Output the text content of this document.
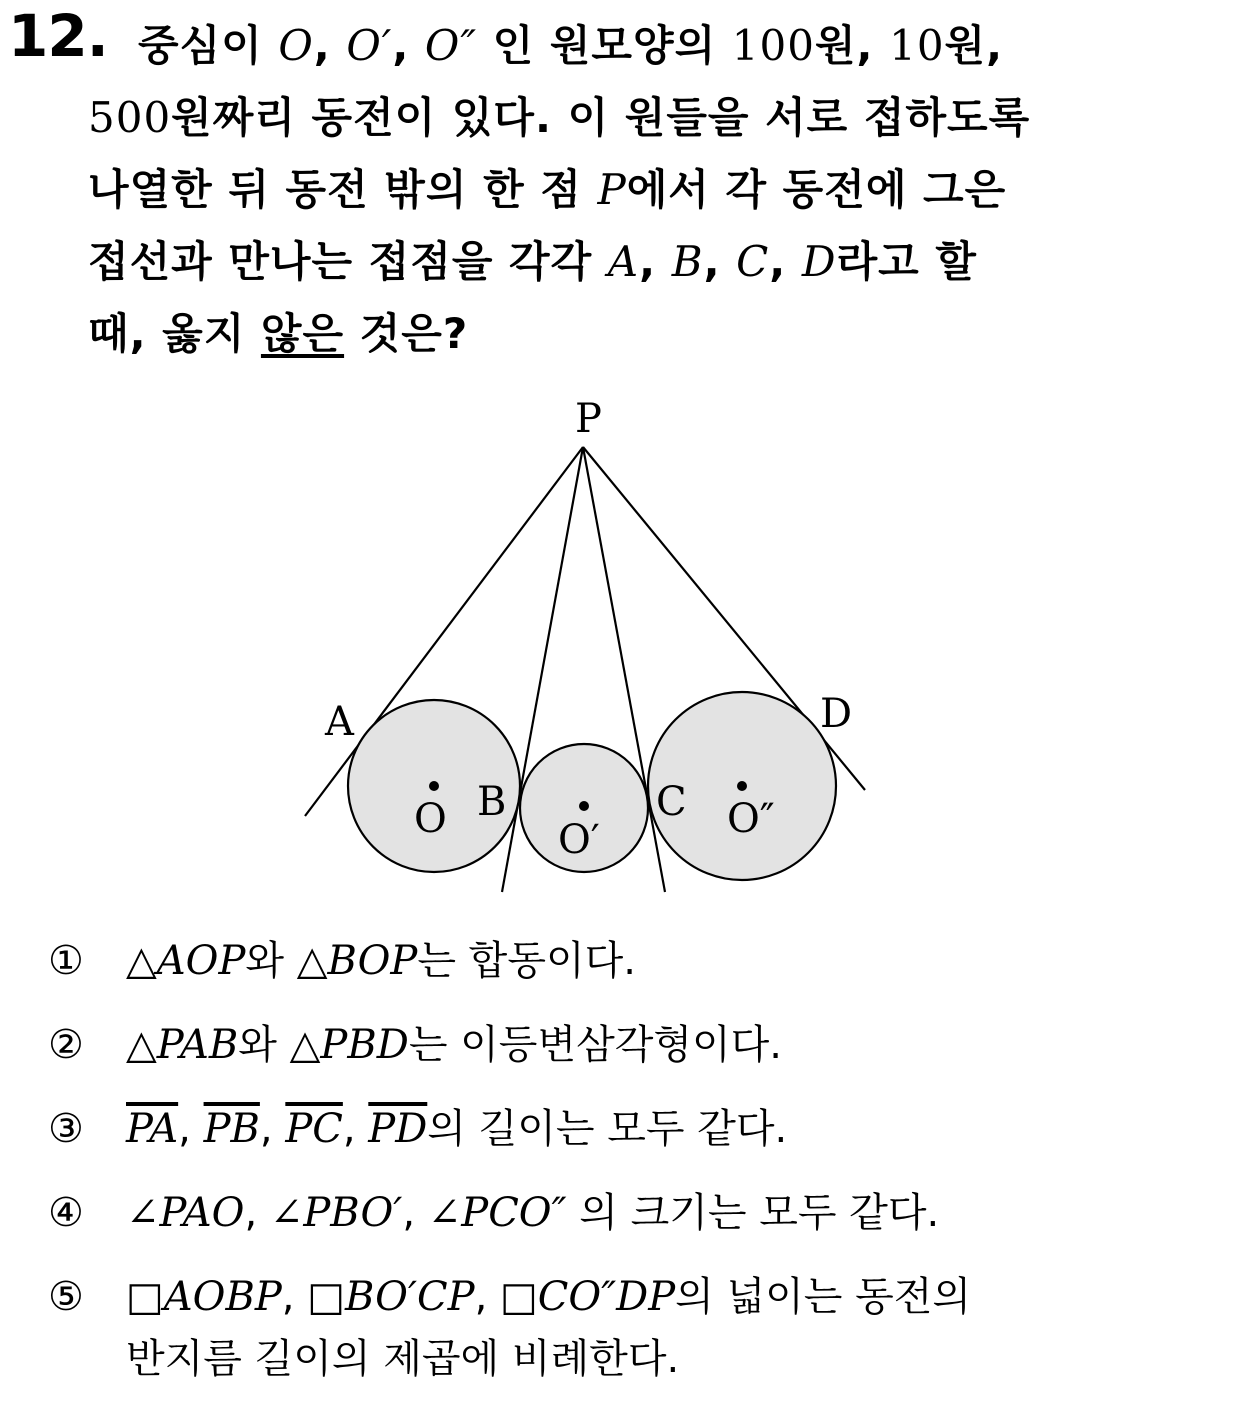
12. 중심이 O, O′, O″ 인 원모양의 100원, 10원,
500원짜리 동전이 있다. 이 원들을 서로 접하도록
나열한 뒤 동전 밖의 한 점 P에서 각 동전에 그은
접선과 만나는 접점을 각각 A, B, C, D라고 할
때, 옳지 않은 것은?
P
A
B	C
D
O	O′	O″
① △AOP와 △BOP는 합동이다.
② △PAB와 △PBD는 이등변삼각형이다.
③ $\overline{PA}$, $\overline{PB}$, $\overline{PC}$, $\overline{PD}$의 길이는 모두 같다.
④ ∠PAO, ∠PBO′, ∠PCO″ 의 크기는 모두 같다.
⑤ □AOBP, □BO′CP, □CO″DP의 넓이는 동전의
반지름 길이의 제곱에 비례한다.
